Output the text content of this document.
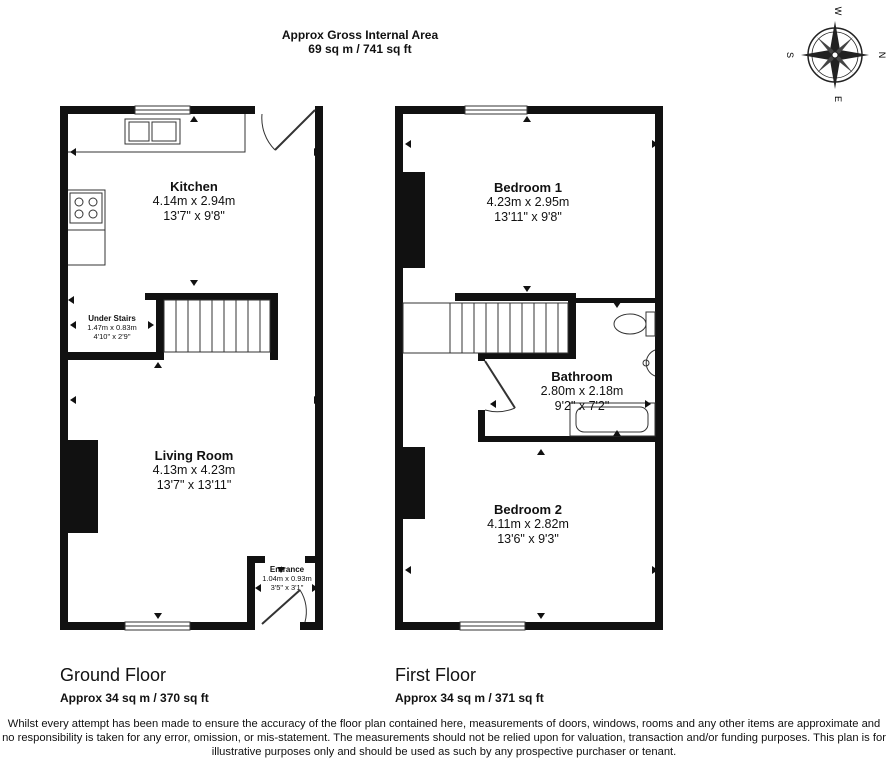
Approx Gross Internal Area
69 sq m / 741 sq ft
W
E
S	N
Kitchen
4.14m x 2.94m
13'7" x 9'8"
Under Stairs
1.47m x 0.83m
4'10" x 2'9"
Living Room
4.13m x 4.23m
13'7" x 13'11"
Entrance
1.04m x 0.93m
3'5" x 3'1"
Bedroom 1
4.23m x 2.95m
13'11" x 9'8"
Bathroom
2.80m x 2.18m
9'2" x 7'2"
Bedroom 2
4.11m x 2.82m
13'6" x 9'3"
Ground Floor
Approx 34 sq m / 370 sq ft
First Floor
Approx 34 sq m / 371 sq ft
Whilst every attempt has been made to ensure the accuracy of the floor plan contained here, measurements of doors, windows, rooms and any other items are approximate and no responsibility is taken for any error, omission, or mis-statement. The measurements should not be relied upon for valuation, transaction and/or funding purposes. This plan is for illustrative purposes only and should be used as such by any prospective purchaser or tenant.
